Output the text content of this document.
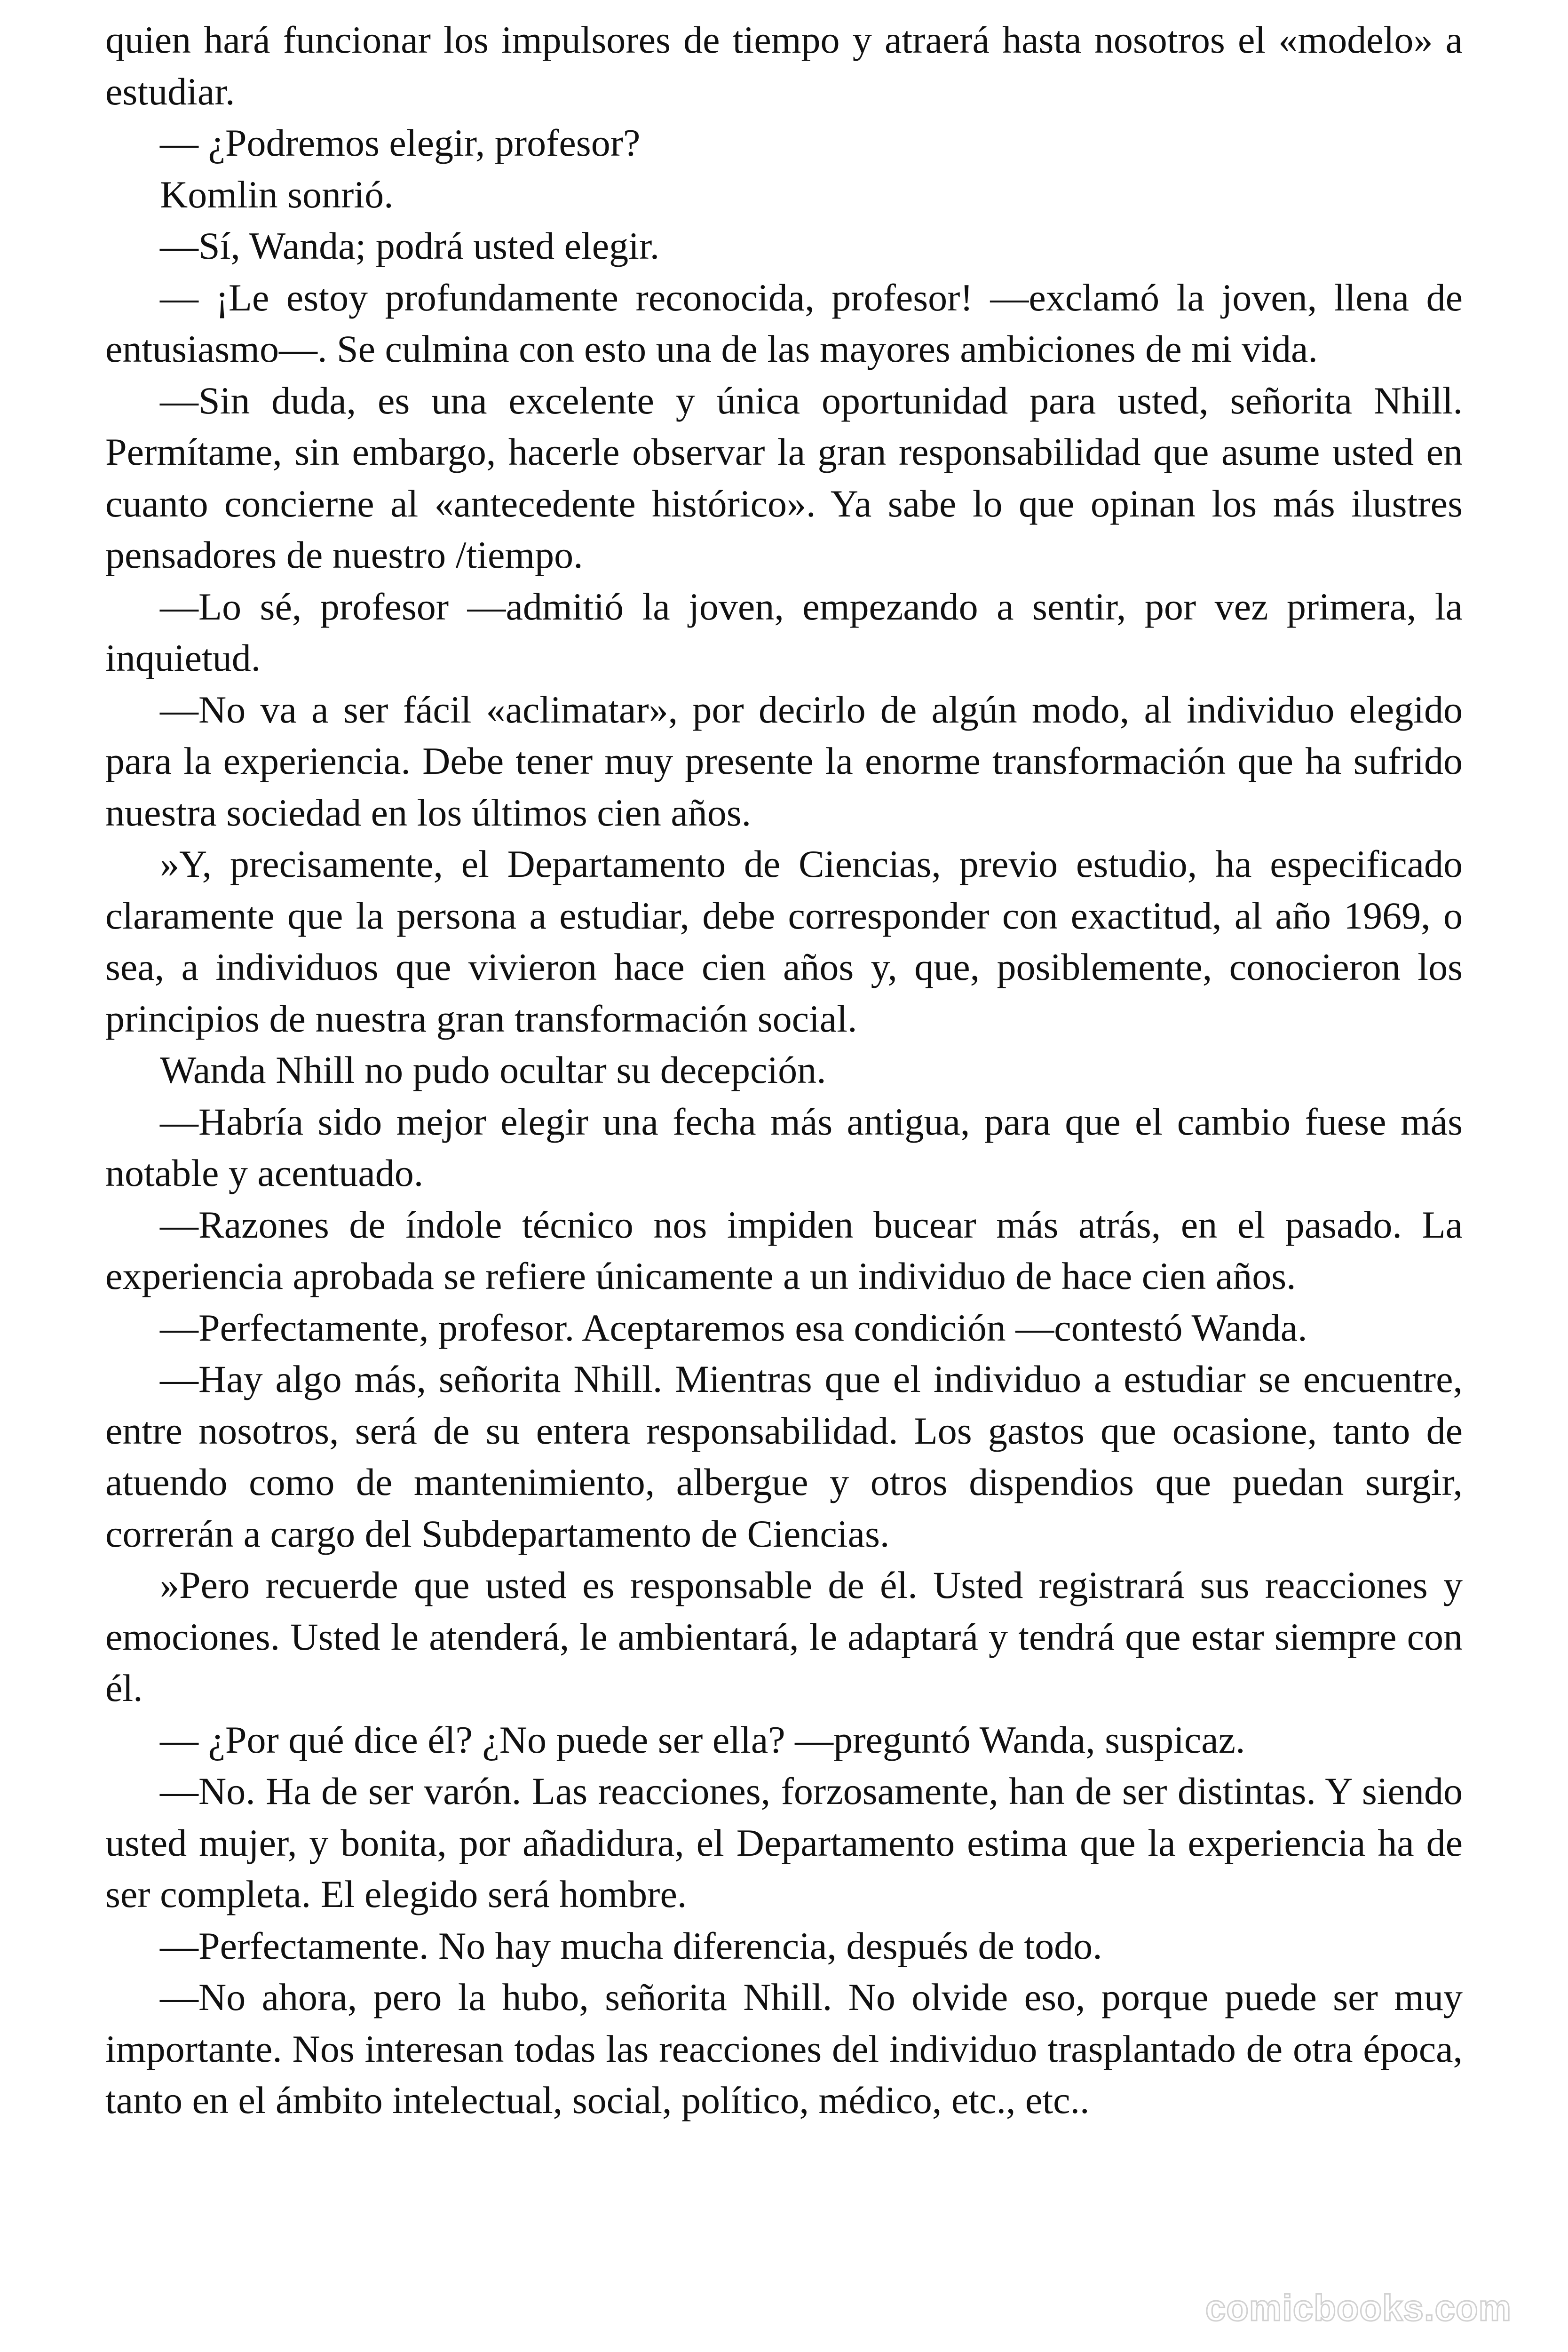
quien hará funcionar los impulsores de tiempo y atraerá hasta nosotros el «modelo» a estudiar.

— ¿Podremos elegir, profesor?

Komlin sonrió.

—Sí, Wanda; podrá usted elegir.

— ¡Le estoy profundamente reconocida, profesor! —exclamó la joven, llena de entusiasmo—. Se culmina con esto una de las mayores ambiciones de mi vida.

—Sin duda, es una excelente y única oportunidad para usted, señorita Nhill. Permítame, sin embargo, hacerle observar la gran responsabilidad que asume usted en cuanto concierne al «antecedente histórico». Ya sabe lo que opinan los más ilustres pensadores de nuestro /tiempo.

—Lo sé, profesor —admitió la joven, empezando a sentir, por vez primera, la inquietud.

—No va a ser fácil «aclimatar», por decirlo de algún modo, al individuo elegido para la experiencia. Debe tener muy presente la enorme transformación que ha sufrido nuestra sociedad en los últimos cien años.

»Y, precisamente, el Departamento de Ciencias, previo estudio, ha especificado claramente que la persona a estudiar, debe corresponder con exactitud, al año 1969, o sea, a individuos que vivieron hace cien años y, que, posiblemente, conocieron los principios de nuestra gran transformación social.

Wanda Nhill no pudo ocultar su decepción.

—Habría sido mejor elegir una fecha más antigua, para que el cambio fuese más notable y acentuado.

—Razones de índole técnico nos impiden bucear más atrás, en el pasado. La experiencia aprobada se refiere únicamente a un individuo de hace cien años.

—Perfectamente, profesor. Aceptaremos esa condición —contestó Wanda.

—Hay algo más, señorita Nhill. Mientras que el individuo a estudiar se encuentre, entre nosotros, será de su entera responsabilidad. Los gastos que ocasione, tanto de atuendo como de mantenimiento, albergue y otros dispendios que puedan surgir, correrán a cargo del Subdepartamento de Ciencias.

»Pero recuerde que usted es responsable de él. Usted registrará sus reacciones y emociones. Usted le atenderá, le ambientará, le adaptará y tendrá que estar siempre con él.

— ¿Por qué dice él? ¿No puede ser ella? —preguntó Wanda, suspicaz.

—No. Ha de ser varón. Las reacciones, forzosamente, han de ser distintas. Y siendo usted mujer, y bonita, por añadidura, el Departamento estima que la experiencia ha de ser completa. El elegido será hombre.

—Perfectamente. No hay mucha diferencia, después de todo.

—No ahora, pero la hubo, señorita Nhill. No olvide eso, porque puede ser muy importante. Nos interesan todas las reacciones del individuo trasplantado de otra época, tanto en el ámbito intelectual, social, político, médico, etc., etc..

comicbooks.com
